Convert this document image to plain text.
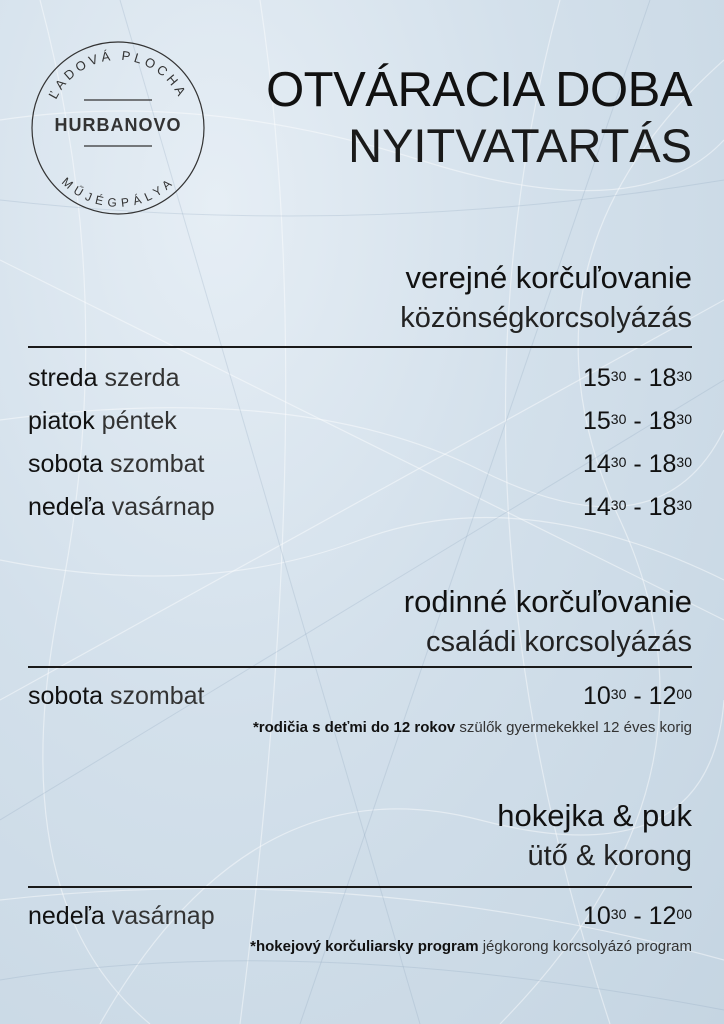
ĽADOVÁ PLOCHA
MŰJÉGPÁLYA
HURBANOVO
OTVÁRACIA DOBA
NYITVATARTÁS
verejné korčuľovanie
közönségkorcsolyázás
streda szerda	$15^{30} - 18^{30}$
piatok péntek	$15^{30} - 18^{30}$
sobota szombat	$14^{30} - 18^{30}$
nedeľa vasárnap	$14^{30} - 18^{30}$
rodinné korčuľovanie
családi korcsolyázás
sobota szombat	$10^{30} - 12^{00}$
*rodičia s deťmi do 12 rokov szülők gyermekekkel 12 éves korig
hokejka & puk
ütő & korong
nedeľa vasárnap	$10^{30} - 12^{00}$
*hokejový korčuliarsky program jégkorong korcsolyázó program
